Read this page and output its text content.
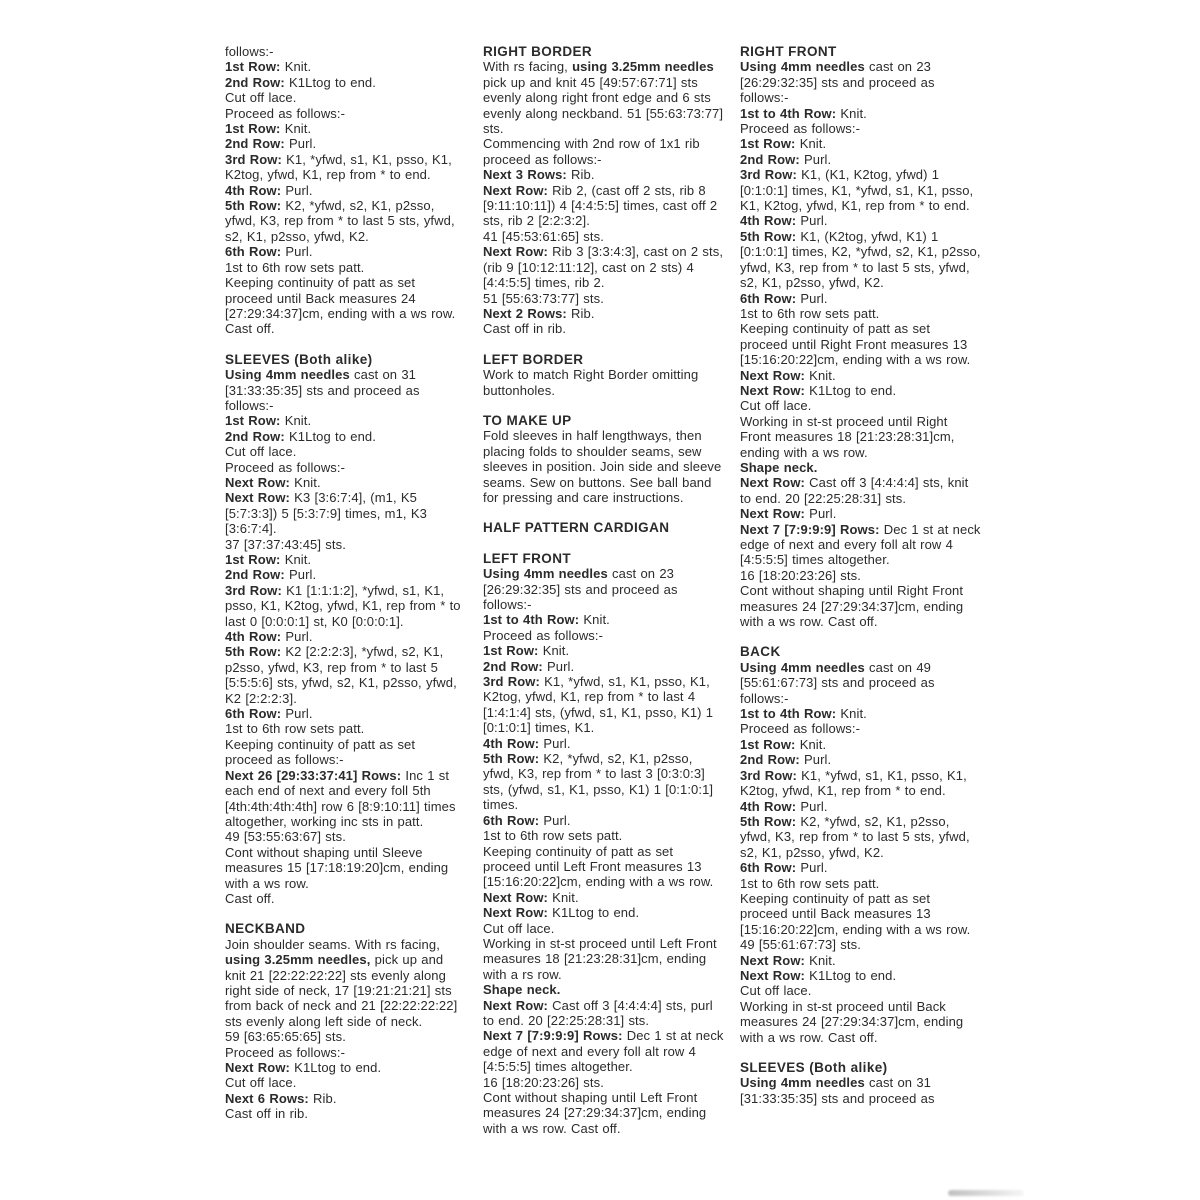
follows:-
1st Row: Knit.
2nd Row: K1Ltog to end.
Cut off lace.
Proceed as follows:-
1st Row: Knit.
2nd Row: Purl.
3rd Row: K1, *yfwd, s1, K1, psso, K1, K2tog, yfwd, K1, rep from * to end.
4th Row: Purl.
5th Row: K2, *yfwd, s2, K1, p2sso, yfwd, K3, rep from * to last 5 sts, yfwd, s2, K1, p2sso, yfwd, K2.
6th Row: Purl.
1st to 6th row sets patt.
Keeping continuity of patt as set proceed until Back measures 24 [27:29:34:37]cm, ending with a ws row. Cast off.
SLEEVES (Both alike)
Using 4mm needles cast on 31 [31:33:35:35] sts and proceed as follows:-
1st Row: Knit.
2nd Row: K1Ltog to end.
Cut off lace.
Proceed as follows:-
Next Row: Knit.
Next Row: K3 [3:6:7:4], (m1, K5 [5:7:3:3]) 5 [5:3:7:9] times, m1, K3 [3:6:7:4].
37 [37:37:43:45] sts.
1st Row: Knit.
2nd Row: Purl.
3rd Row: K1 [1:1:1:2], *yfwd, s1, K1, psso, K1, K2tog, yfwd, K1, rep from * to last 0 [0:0:0:1] st, K0 [0:0:0:1].
4th Row: Purl.
5th Row: K2 [2:2:2:3], *yfwd, s2, K1, p2sso, yfwd, K3, rep from * to last 5 [5:5:5:6] sts, yfwd, s2, K1, p2sso, yfwd, K2 [2:2:2:3].
6th Row: Purl.
1st to 6th row sets patt.
Keeping continuity of patt as set proceed as follows:-
Next 26 [29:33:37:41] Rows: Inc 1 st each end of next and every foll 5th [4th:4th:4th:4th] row 6 [8:9:10:11] times altogether, working inc sts in patt.
49 [53:55:63:67] sts.
Cont without shaping until Sleeve measures 15 [17:18:19:20]cm, ending with a ws row.
Cast off.
NECKBAND
Join shoulder seams. With rs facing, using 3.25mm needles, pick up and knit 21 [22:22:22:22] sts evenly along right side of neck, 17 [19:21:21:21] sts from back of neck and 21 [22:22:22:22] sts evenly along left side of neck.
59 [63:65:65:65] sts.
Proceed as follows:-
Next Row: K1Ltog to end.
Cut off lace.
Next 6 Rows: Rib.
Cast off in rib.
RIGHT BORDER
With rs facing, using 3.25mm needles pick up and knit 45 [49:57:67:71] sts evenly along right front edge and 6 sts evenly along neckband. 51 [55:63:73:77] sts.
Commencing with 2nd row of 1x1 rib proceed as follows:-
Next 3 Rows: Rib.
Next Row: Rib 2, (cast off 2 sts, rib 8 [9:11:10:11]) 4 [4:4:5:5] times, cast off 2 sts, rib 2 [2:2:3:2].
41 [45:53:61:65] sts.
Next Row: Rib 3 [3:3:4:3], cast on 2 sts, (rib 9 [10:12:11:12], cast on 2 sts) 4 [4:4:5:5] times, rib 2.
51 [55:63:73:77] sts.
Next 2 Rows: Rib.
Cast off in rib.
LEFT BORDER
Work to match Right Border omitting buttonholes.
TO MAKE UP
Fold sleeves in half lengthways, then placing folds to shoulder seams, sew sleeves in position. Join side and sleeve seams. Sew on buttons. See ball band for pressing and care instructions.
HALF PATTERN CARDIGAN
LEFT FRONT
Using 4mm needles cast on 23 [26:29:32:35] sts and proceed as follows:-
1st to 4th Row: Knit.
Proceed as follows:-
1st Row: Knit.
2nd Row: Purl.
3rd Row: K1, *yfwd, s1, K1, psso, K1, K2tog, yfwd, K1, rep from * to last 4 [1:4:1:4] sts, (yfwd, s1, K1, psso, K1) 1 [0:1:0:1] times, K1.
4th Row: Purl.
5th Row: K2, *yfwd, s2, K1, p2sso, yfwd, K3, rep from * to last 3 [0:3:0:3] sts, (yfwd, s1, K1, psso, K1) 1 [0:1:0:1] times.
6th Row: Purl.
1st to 6th row sets patt.
Keeping continuity of patt as set proceed until Left Front measures 13 [15:16:20:22]cm, ending with a ws row.
Next Row: Knit.
Next Row: K1Ltog to end.
Cut off lace.
Working in st-st proceed until Left Front measures 18 [21:23:28:31]cm, ending with a rs row.
Shape neck.
Next Row: Cast off 3 [4:4:4:4] sts, purl to end. 20 [22:25:28:31] sts.
Next 7 [7:9:9:9] Rows: Dec 1 st at neck edge of next and every foll alt row 4 [4:5:5:5] times altogether.
16 [18:20:23:26] sts.
Cont without shaping until Left Front measures 24 [27:29:34:37]cm, ending with a ws row. Cast off.
RIGHT FRONT
Using 4mm needles cast on 23 [26:29:32:35] sts and proceed as follows:-
1st to 4th Row: Knit.
Proceed as follows:-
1st Row: Knit.
2nd Row: Purl.
3rd Row: K1, (K1, K2tog, yfwd) 1 [0:1:0:1] times, K1, *yfwd, s1, K1, psso, K1, K2tog, yfwd, K1, rep from * to end.
4th Row: Purl.
5th Row: K1, (K2tog, yfwd, K1) 1 [0:1:0:1] times, K2, *yfwd, s2, K1, p2sso, yfwd, K3, rep from * to last 5 sts, yfwd, s2, K1, p2sso, yfwd, K2.
6th Row: Purl.
1st to 6th row sets patt.
Keeping continuity of patt as set proceed until Right Front measures 13 [15:16:20:22]cm, ending with a ws row.
Next Row: Knit.
Next Row: K1Ltog to end.
Cut off lace.
Working in st-st proceed until Right Front measures 18 [21:23:28:31]cm, ending with a ws row.
Shape neck.
Next Row: Cast off 3 [4:4:4:4] sts, knit to end. 20 [22:25:28:31] sts.
Next Row: Purl.
Next 7 [7:9:9:9] Rows: Dec 1 st at neck edge of next and every foll alt row 4 [4:5:5:5] times altogether.
16 [18:20:23:26] sts.
Cont without shaping until Right Front measures 24 [27:29:34:37]cm, ending with a ws row. Cast off.
BACK
Using 4mm needles cast on 49 [55:61:67:73] sts and proceed as follows:-
1st to 4th Row: Knit.
Proceed as follows:-
1st Row: Knit.
2nd Row: Purl.
3rd Row: K1, *yfwd, s1, K1, psso, K1, K2tog, yfwd, K1, rep from * to end.
4th Row: Purl.
5th Row: K2, *yfwd, s2, K1, p2sso, yfwd, K3, rep from * to last 5 sts, yfwd, s2, K1, p2sso, yfwd, K2.
6th Row: Purl.
1st to 6th row sets patt.
Keeping continuity of patt as set proceed until Back measures 13 [15:16:20:22]cm, ending with a ws row.
49 [55:61:67:73] sts.
Next Row: Knit.
Next Row: K1Ltog to end.
Cut off lace.
Working in st-st proceed until Back measures 24 [27:29:34:37]cm, ending with a ws row. Cast off.
SLEEVES (Both alike)
Using 4mm needles cast on 31 [31:33:35:35] sts and proceed as
